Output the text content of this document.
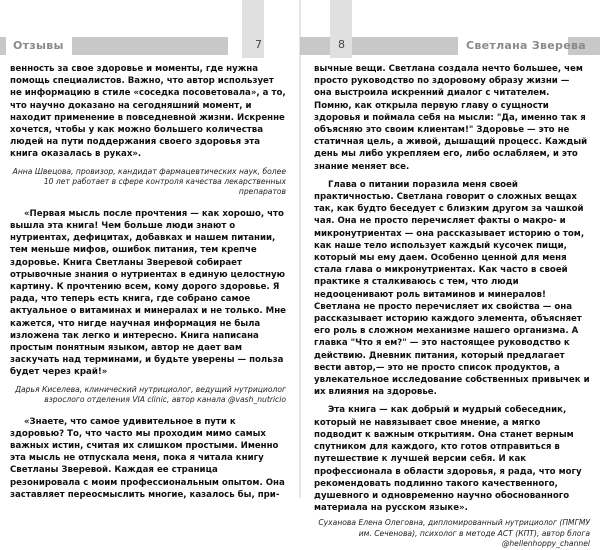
Отзывы	Светлана Зверева
7	8

венность за свое здоровье и моменты, где нужна помощь специалистов. Важно, что автор использует не информацию в стиле «соседка посоветовала», а то, что научно доказано на сегодняшний момент, и находит применение в повседневной жизни. Искренне хочется, чтобы у как можно большего количества людей на пути поддержания своего здоровья эта книга оказалась в руках».

Анна Швецова, провизор, кандидат фармацевтических наук, более 10 лет работает в сфере контроля качества лекарственных препаратов

«Первая мысль после прочтения — как хорошо, что вышла эта книга! Чем больше люди знают о нутриентах, дефицитах, добавках и нашем питании, тем меньше мифов, ошибок питания, тем крепче здоровье. Книга Светланы Зверевой собирает отрывочные знания о нутриентах в единую целостную картину. К прочтению всем, кому дорого здоровье. Я рада, что теперь есть книга, где собрано самое актуальное о витаминах и минералах и не только. Мне кажется, что нигде научная информация не была изложена так легко и интересно. Книга написана простым понятным языком, автор не дает вам заскучать над терминами, и будьте уверены — польза будет через край!»

Дарья Киселева, клинический нутрициолог, ведущий нутрициолог взрослого отделения VIA clinic, автор канала @vash_nutricio

«Знаете, что самое удивительное в пути к здоровью? То, что часто мы проходим мимо самых важных истин, считая их слишком простыми. Именно эта мысль не отпускала меня, пока я читала книгу Светланы Зверевой. Каждая ее страница резонировала с моим профессиональным опытом. Она заставляет переосмыслить многие, казалось бы, при-

вычные вещи. Светлана создала нечто большее, чем просто руководство по здоровому образу жизни — она выстроила искренний диалог с читателем. Помню, как открыла первую главу о сущности здоровья и поймала себя на мысли: "Да, именно так я объясняю это своим клиентам!" Здоровье — это не статичная цель, а живой, дышащий процесс. Каждый день мы либо укрепляем его, либо ослабляем, и это знание меняет все.

Глава о питании поразила меня своей практичностью. Светлана говорит о сложных вещах так, как будто беседует с близким другом за чашкой чая. Она не просто перечисляет факты о макро- и микронутриентах — она рассказывает историю о том, как наше тело использует каждый кусочек пищи, который мы ему даем. Особенно ценной для меня стала глава о микронутриентах. Как часто в своей практике я сталкиваюсь с тем, что люди недооценивают роль витаминов и минералов! Светлана не просто перечисляет их свойства — она рассказывает историю каждого элемента, объясняет его роль в сложном механизме нашего организма. А главка "Что я ем?" — это настоящее руководство к действию. Дневник питания, который предлагает вести автор,— это не просто список продуктов, а увлекательное исследование собственных привычек и их влияния на здоровье.

Эта книга — как добрый и мудрый собеседник, который не навязывает свое мнение, а мягко подводит к важным открытиям. Она станет верным спутником для каждого, кто готов отправиться в путешествие к лучшей версии себя. И как профессионала в области здоровья, я рада, что могу рекомендовать подлинно такого качественного, душевного и одновременно научно обоснованного материала на русском языке».

Суханова Елена Олеговна, дипломированный нутрициолог (ПМГМУ им. Сеченова), психолог в методе АСТ (КПТ), автор блога @hellenhoppy_channel
